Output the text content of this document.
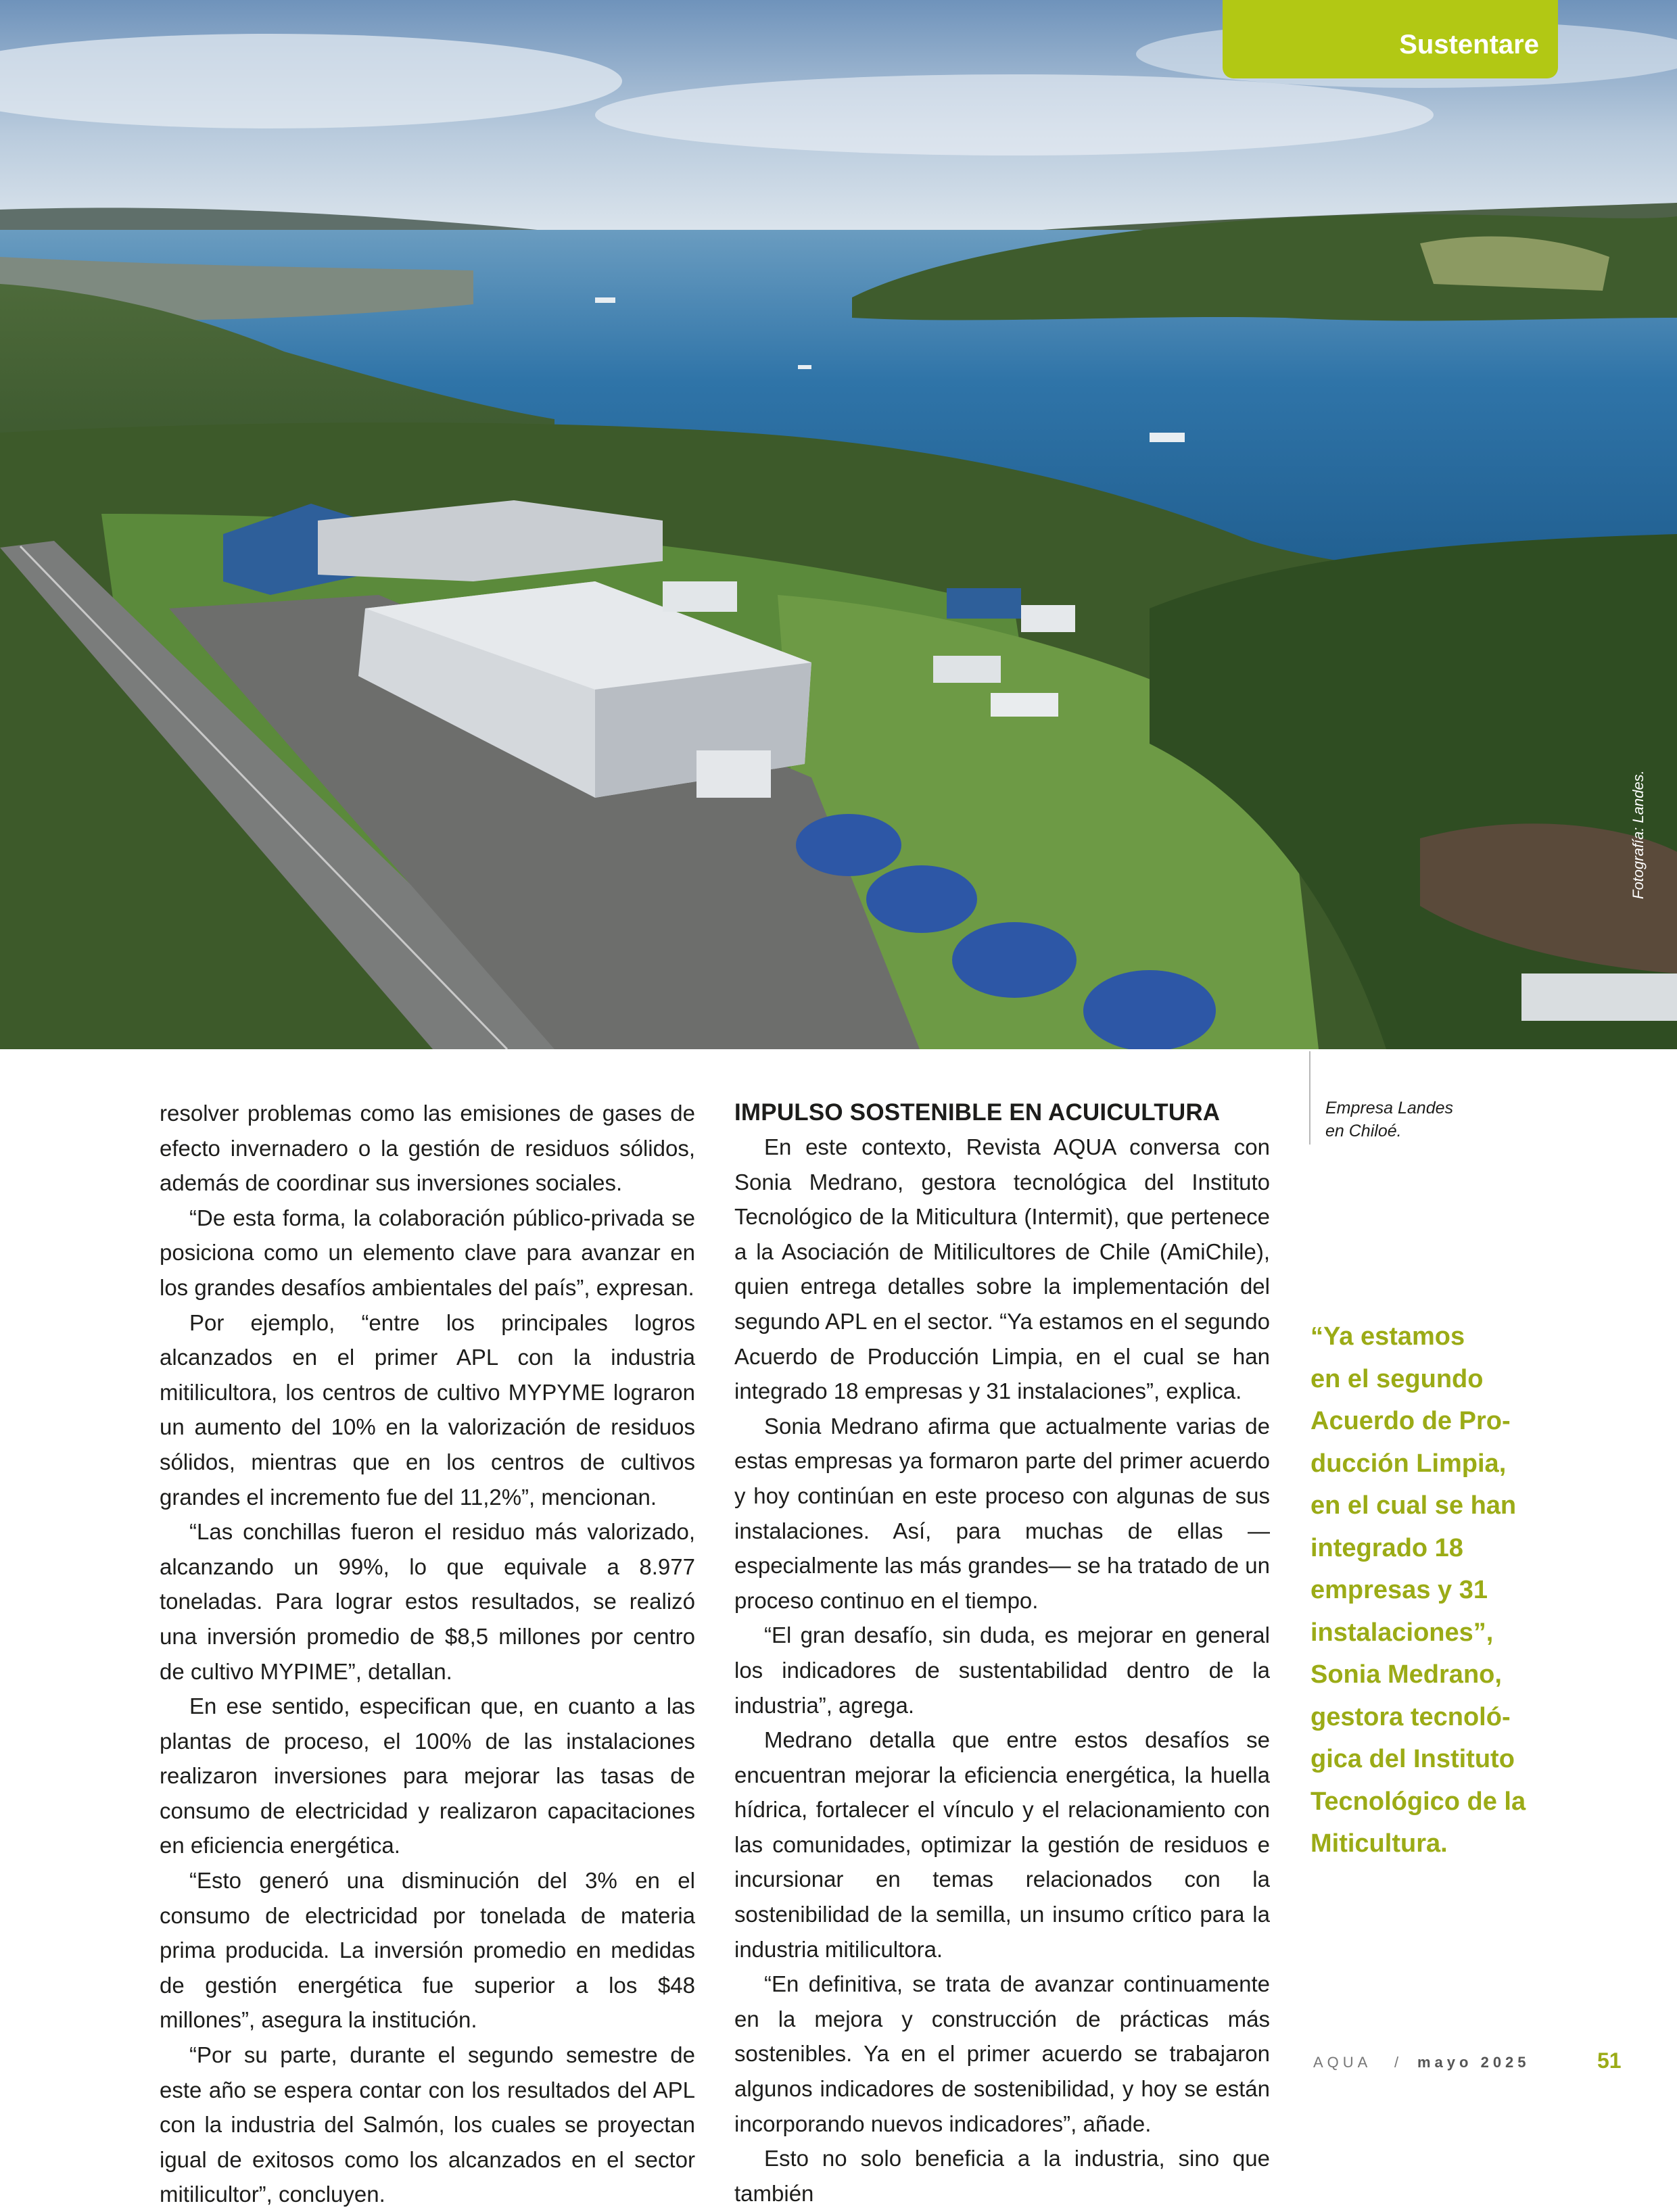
Sustentare
Fotografía: Landes.

resolver problemas como las emisiones de gases de efecto invernadero o la gestión de residuos sólidos, además de coordinar sus inversiones sociales.

“De esta forma, la colaboración público-privada se posiciona como un elemento clave para avanzar en los grandes desafíos ambientales del país”, expresan.

Por ejemplo, “entre los principales logros alcanzados en el primer APL con la industria mitilicultora, los centros de cultivo MYPYME lograron un aumento del 10% en la valorización de residuos sólidos, mientras que en los centros de cultivos grandes el incremento fue del 11,2%”, mencionan.

“Las conchillas fueron el residuo más valorizado, alcanzando un 99%, lo que equivale a 8.977 toneladas. Para lograr estos resultados, se realizó una inversión promedio de $8,5 millones por centro de cultivo MYPIME”, detallan.

En ese sentido, especifican que, en cuanto a las plantas de proceso, el 100% de las instalaciones realizaron inversiones para mejorar las tasas de consumo de electricidad y realizaron capacitaciones en eficiencia energética.

“Esto generó una disminución del 3% en el consumo de electricidad por tonelada de materia prima producida. La inversión promedio en medidas de gestión energética fue superior a los $48 millones”, asegura la institución.

“Por su parte, durante el segundo semestre de este año se espera contar con los resultados del APL con la industria del Salmón, los cuales se proyectan igual de exitosos como los alcanzados en el sector mitilicultor”, concluyen.

IMPULSO SOSTENIBLE EN ACUICULTURA

En este contexto, Revista AQUA conversa con Sonia Medrano, gestora tecnológica del Instituto Tecnológico de la Miticultura (Intermit), que pertenece a la Asociación de Mitilicultores de Chile (AmiChile), quien entrega detalles sobre la implementación del segundo APL en el sector. “Ya estamos en el segundo Acuerdo de Producción Limpia, en el cual se han integrado 18 empresas y 31 instalaciones”, explica.

Sonia Medrano afirma que actualmente varias de estas empresas ya formaron parte del primer acuerdo y hoy continúan en este proceso con algunas de sus instalaciones. Así, para muchas de ellas —especialmente las más grandes— se ha tratado de un proceso continuo en el tiempo.

“El gran desafío, sin duda, es mejorar en general los indicadores de sustentabilidad dentro de la industria”, agrega.

Medrano detalla que entre estos desafíos se encuentran mejorar la eficiencia energética, la huella hídrica, fortalecer el vínculo y el relacionamiento con las comunidades, optimizar la gestión de residuos e incursionar en temas relacionados con la sostenibilidad de la semilla, un insumo crítico para la industria mitilicultora.

“En definitiva, se trata de avanzar continuamente en la mejora y construcción de prácticas más sostenibles. Ya en el primer acuerdo se trabajaron algunos indicadores de sostenibilidad, y hoy se están incorporando nuevos indicadores”, añade.

Esto no solo beneficia a la industria, sino que también

Empresa Landes
en Chiloé.
“Ya estamos
en el segundo
Acuerdo de Pro-
ducción Limpia,
en el cual se han
integrado 18
empresas y 31
instalaciones”,
Sonia Medrano,
gestora tecnoló-
gica del Instituto
Tecnológico de la
Miticultura.
AQUA / mayo 2025	51
